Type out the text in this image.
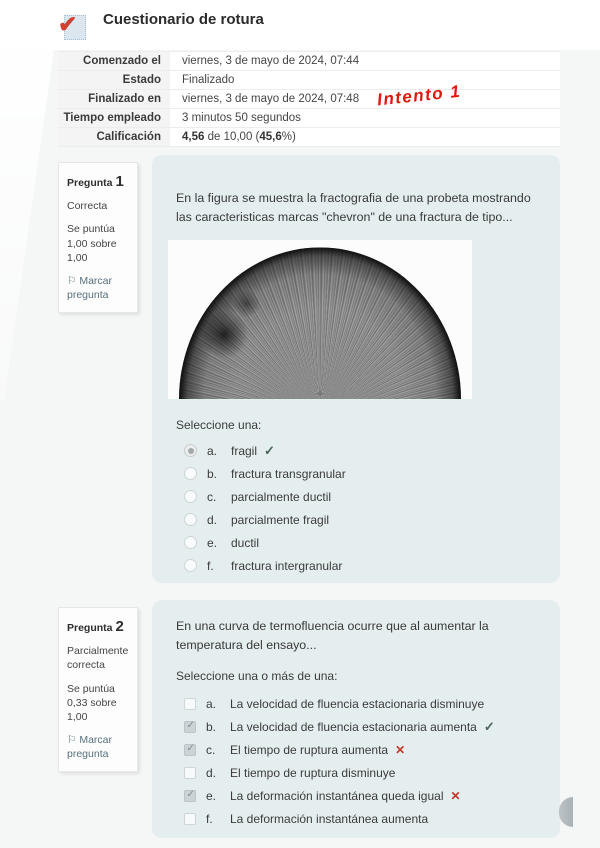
✔ Cuestionario de rotura
Comenzado el	viernes, 3 de mayo de 2024, 07:44
Estado	Finalizado
Finalizado en	viernes, 3 de mayo de 2024, 07:48
Tiempo empleado	3 minutos 50 segundos
Calificación	4,56 de 10,00 (45,6%)
Intento 1
Pregunta 1
Correcta
Se puntúa 1,00 sobre 1,00
⚐ Marcar pregunta
En la figura se muestra la fractografia de una probeta mostrando las caracteristicas marcas "chevron" de una fractura de tipo...
Seleccione una:
a.	fragil ✓
b.	fractura transgranular
c.	parcialmente ductil
d.	parcialmente fragil
e.	ductil
f.	fractura intergranular
Pregunta 2
Parcialmente correcta
Se puntúa 0,33 sobre 1,00
⚐ Marcar pregunta
En una curva de termofluencia ocurre que al aumentar la temperatura del ensayo...
Seleccione una o más de una:
a.	La velocidad de fluencia estacionaria disminuye
✓
b.	La velocidad de fluencia estacionaria aumenta ✓
✓
c.	El tiempo de ruptura aumenta ✕
d.	El tiempo de ruptura disminuye
✓
e.	La deformación instantánea queda igual ✕
f.	La deformación instantánea aumenta
